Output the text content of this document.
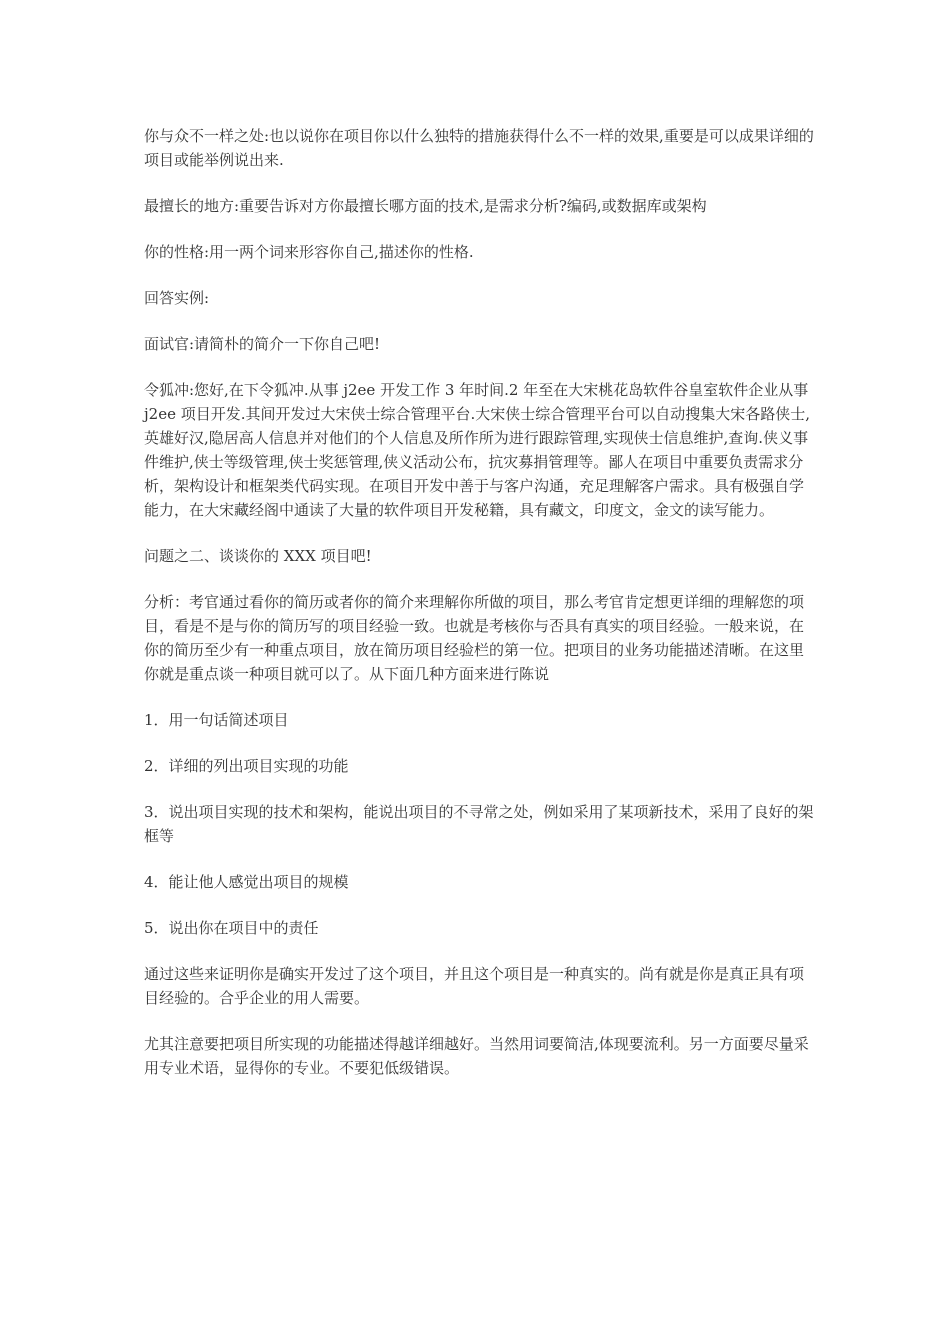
你与众不一样之处:也以说你在项目你以什么独特的措施获得什么不一样的效果,重要是可以成果详细的项目或能举例说出来.

最擅长的地方:重要告诉对方你最擅长哪方面的技术,是需求分析?编码,或数据库或架构

你的性格:用一两个词来形容你自己,描述你的性格.

回答实例:

面试官:请简朴的简介一下你自己吧!

令狐冲:您好,在下令狐冲.从事 j2ee 开发工作 3 年时间.2 年至在大宋桃花岛软件谷皇室软件企业从事 j2ee 项目开发.其间开发过大宋侠士综合管理平台.大宋侠士综合管理平台可以自动搜集大宋各路侠士,英雄好汉,隐居高人信息并对他们的个人信息及所作所为进行跟踪管理,实现侠士信息维护,查询.侠义事件维护,侠士等级管理,侠士奖惩管理,侠义活动公布，抗灾募捐管理等。鄙人在项目中重要负责需求分析，架构设计和框架类代码实现。在项目开发中善于与客户沟通，充足理解客户需求。具有极强自学能力，在大宋藏经阁中通读了大量的软件项目开发秘籍，具有藏文，印度文，金文的读写能力。

问题之二、谈谈你的 XXX 项目吧!

分析：考官通过看你的简历或者你的简介来理解你所做的项目，那么考官肯定想更详细的理解您的项目，看是不是与你的简历写的项目经验一致。也就是考核你与否具有真实的项目经验。一般来说，在你的简历至少有一种重点项目，放在简历项目经验栏的第一位。把项目的业务功能描述清晰。在这里你就是重点谈一种项目就可以了。从下面几种方面来进行陈说

1．用一句话简述项目

2．详细的列出项目实现的功能

3．说出项目实现的技术和架构，能说出项目的不寻常之处，例如采用了某项新技术，采用了良好的架框等

4．能让他人感觉出项目的规模

5．说出你在项目中的责任

通过这些来证明你是确实开发过了这个项目，并且这个项目是一种真实的。尚有就是你是真正具有项目经验的。合乎企业的用人需要。

尤其注意要把项目所实现的功能描述得越详细越好。当然用词要简洁,体现要流利。另一方面要尽量采用专业术语，显得你的专业。不要犯低级错误。
